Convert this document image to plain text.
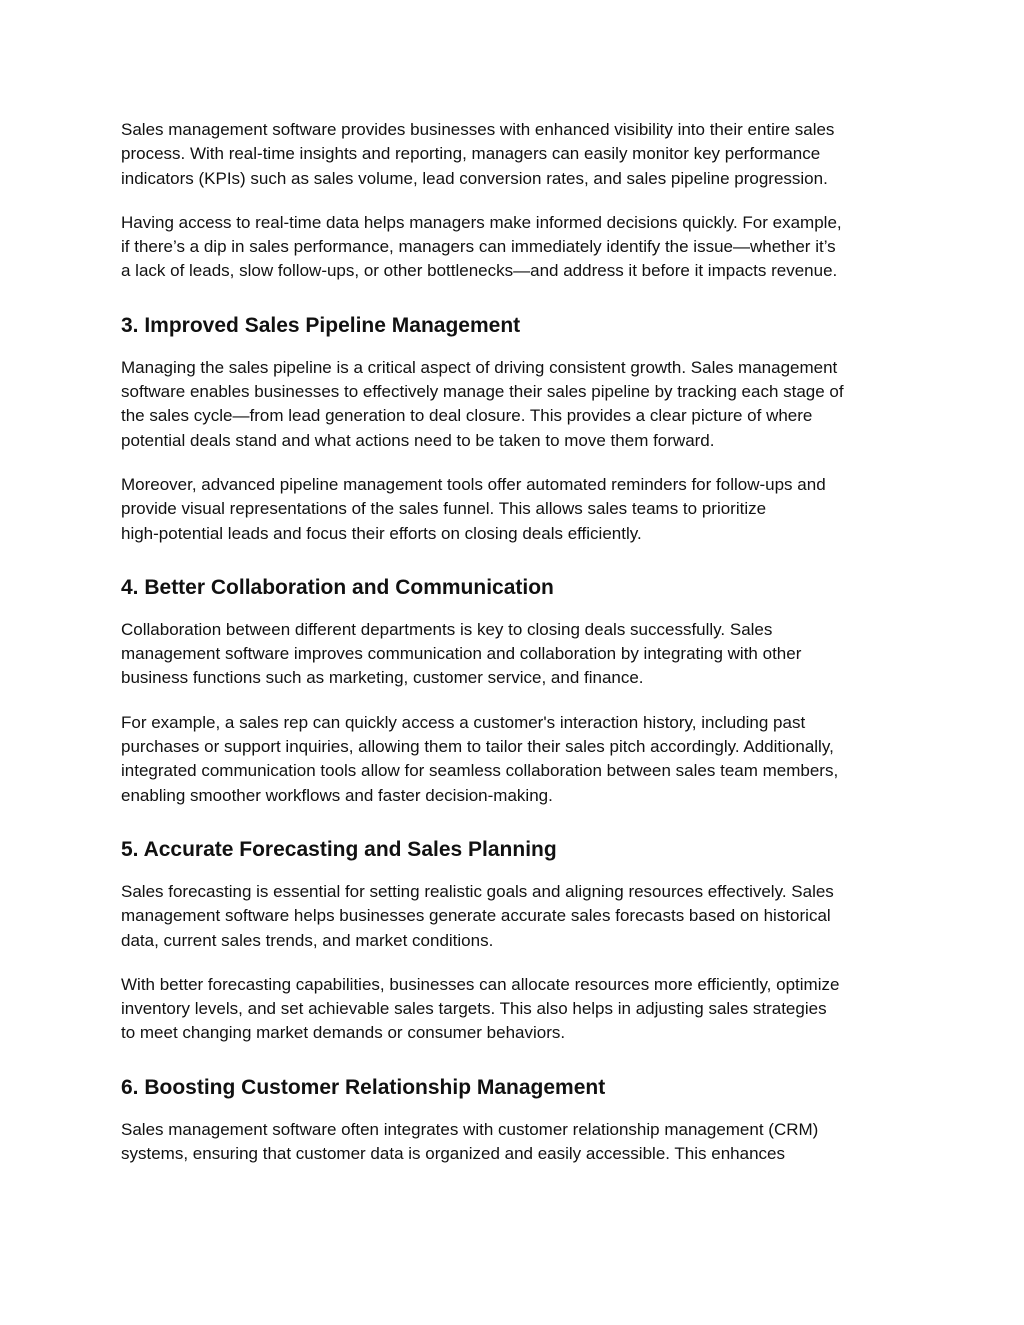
Sales management software provides businesses with enhanced visibility into their entire sales
process. With real-time insights and reporting, managers can easily monitor key performance
indicators (KPIs) such as sales volume, lead conversion rates, and sales pipeline progression.

Having access to real-time data helps managers make informed decisions quickly. For example,
if there’s a dip in sales performance, managers can immediately identify the issue—whether it’s
a lack of leads, slow follow-ups, or other bottlenecks—and address it before it impacts revenue.

3. Improved Sales Pipeline Management

Managing the sales pipeline is a critical aspect of driving consistent growth. Sales management
software enables businesses to effectively manage their sales pipeline by tracking each stage of
the sales cycle—from lead generation to deal closure. This provides a clear picture of where
potential deals stand and what actions need to be taken to move them forward.

Moreover, advanced pipeline management tools offer automated reminders for follow-ups and
provide visual representations of the sales funnel. This allows sales teams to prioritize
high-potential leads and focus their efforts on closing deals efficiently.

4. Better Collaboration and Communication

Collaboration between different departments is key to closing deals successfully. Sales
management software improves communication and collaboration by integrating with other
business functions such as marketing, customer service, and finance.

For example, a sales rep can quickly access a customer's interaction history, including past
purchases or support inquiries, allowing them to tailor their sales pitch accordingly. Additionally,
integrated communication tools allow for seamless collaboration between sales team members,
enabling smoother workflows and faster decision-making.

5. Accurate Forecasting and Sales Planning

Sales forecasting is essential for setting realistic goals and aligning resources effectively. Sales
management software helps businesses generate accurate sales forecasts based on historical
data, current sales trends, and market conditions.

With better forecasting capabilities, businesses can allocate resources more efficiently, optimize
inventory levels, and set achievable sales targets. This also helps in adjusting sales strategies
to meet changing market demands or consumer behaviors.

6. Boosting Customer Relationship Management

Sales management software often integrates with customer relationship management (CRM)
systems, ensuring that customer data is organized and easily accessible. This enhances
